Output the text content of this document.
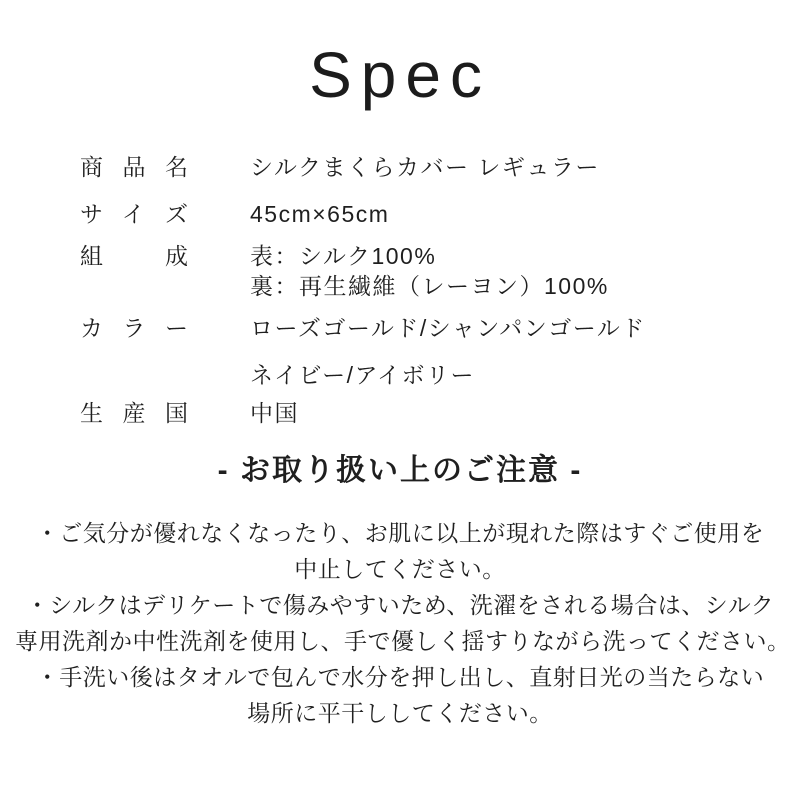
Spec
商品名	シルクまくらカバー レギュラー
サイズ	45cm×65cm
組成	表：シルク100%
裏：再生繊維（レーヨン）100%
カラー	ローズゴールド/シャンパンゴールド
ネイビー/アイボリー
生産国	中国
- お取り扱い上のご注意 -
・ご気分が優れなくなったり、お肌に以上が現れた際はすぐご使用を
中止してください。
・シルクはデリケートで傷みやすいため、洗濯をされる場合は、シルク
専用洗剤か中性洗剤を使用し、手で優しく揺すりながら洗ってください。
・手洗い後はタオルで包んで水分を押し出し、直射日光の当たらない
場所に平干ししてください。
